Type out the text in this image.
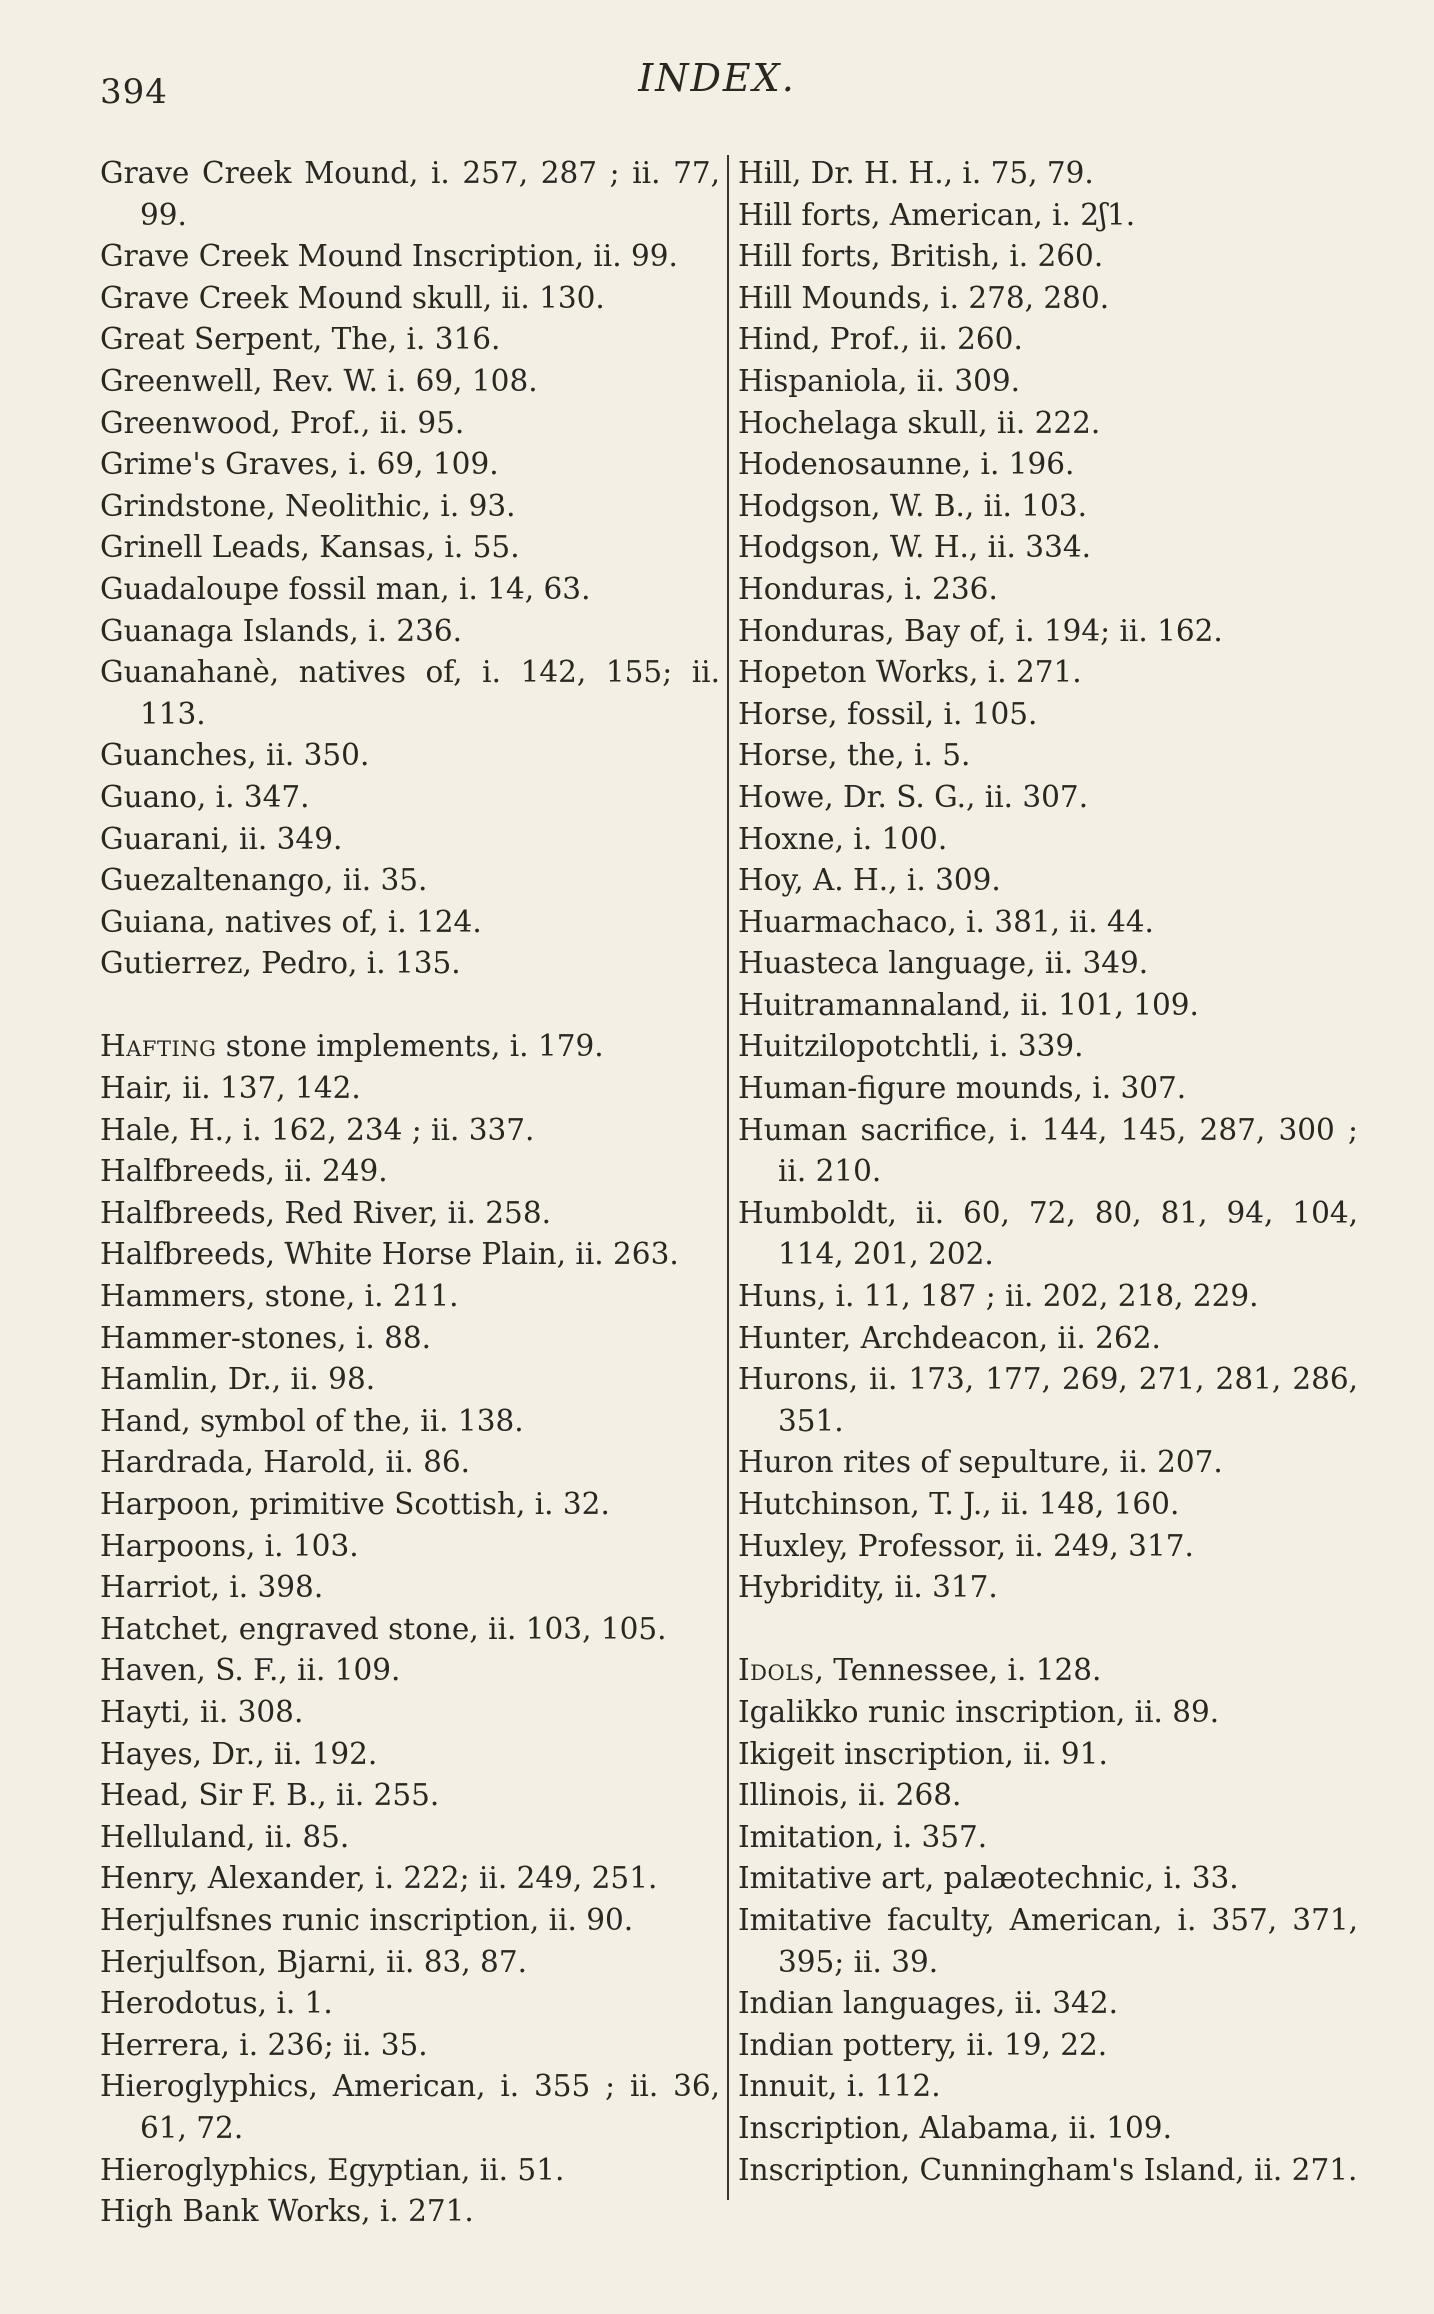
394	INDEX.
Grave Creek Mound, i. 257, 287 ; ii. 77, 99.
Grave Creek Mound Inscription, ii. 99.
Grave Creek Mound skull, ii. 130.
Great Serpent, The, i. 316.
Greenwell, Rev. W. i. 69, 108.
Greenwood, Prof., ii. 95.
Grime's Graves, i. 69, 109.
Grindstone, Neolithic, i. 93.
Grinell Leads, Kansas, i. 55.
Guadaloupe fossil man, i. 14, 63.
Guanaga Islands, i. 236.
Guanahanè, natives of, i. 142, 155; ii. 113.
Guanches, ii. 350.
Guano, i. 347.
Guarani, ii. 349.
Guezaltenango, ii. 35.
Guiana, natives of, i. 124.
Gutierrez, Pedro, i. 135.
Hafting stone implements, i. 179.
Hair, ii. 137, 142.
Hale, H., i. 162, 234 ; ii. 337.
Halfbreeds, ii. 249.
Halfbreeds, Red River, ii. 258.
Halfbreeds, White Horse Plain, ii. 263.
Hammers, stone, i. 211.
Hammer-stones, i. 88.
Hamlin, Dr., ii. 98.
Hand, symbol of the, ii. 138.
Hardrada, Harold, ii. 86.
Harpoon, primitive Scottish, i. 32.
Harpoons, i. 103.
Harriot, i. 398.
Hatchet, engraved stone, ii. 103, 105.
Haven, S. F., ii. 109.
Hayti, ii. 308.
Hayes, Dr., ii. 192.
Head, Sir F. B., ii. 255.
Helluland, ii. 85.
Henry, Alexander, i. 222; ii. 249, 251.
Herjulfsnes runic inscription, ii. 90.
Herjulfson, Bjarni, ii. 83, 87.
Herodotus, i. 1.
Herrera, i. 236; ii. 35.
Hieroglyphics, American, i. 355 ; ii. 36, 61, 72.
Hieroglyphics, Egyptian, ii. 51.
High Bank Works, i. 271.
Hill, Dr. H. H., i. 75, 79.
Hill forts, American, i. 2ʃ1.
Hill forts, British, i. 260.
Hill Mounds, i. 278, 280.
Hind, Prof., ii. 260.
Hispaniola, ii. 309.
Hochelaga skull, ii. 222.
Hodenosaunne, i. 196.
Hodgson, W. B., ii. 103.
Hodgson, W. H., ii. 334.
Honduras, i. 236.
Honduras, Bay of, i. 194; ii. 162.
Hopeton Works, i. 271.
Horse, fossil, i. 105.
Horse, the, i. 5.
Howe, Dr. S. G., ii. 307.
Hoxne, i. 100.
Hoy, A. H., i. 309.
Huarmachaco, i. 381, ii. 44.
Huasteca language, ii. 349.
Huitramannaland, ii. 101, 109.
Huitzilopotchtli, i. 339.
Human-figure mounds, i. 307.
Human sacrifice, i. 144, 145, 287, 300 ; ii. 210.
Humboldt, ii. 60, 72, 80, 81, 94, 104, 114, 201, 202.
Huns, i. 11, 187 ; ii. 202, 218, 229.
Hunter, Archdeacon, ii. 262.
Hurons, ii. 173, 177, 269, 271, 281, 286, 351.
Huron rites of sepulture, ii. 207.
Hutchinson, T. J., ii. 148, 160.
Huxley, Professor, ii. 249, 317.
Hybridity, ii. 317.
Idols, Tennessee, i. 128.
Igalikko runic inscription, ii. 89.
Ikigeit inscription, ii. 91.
Illinois, ii. 268.
Imitation, i. 357.
Imitative art, palæotechnic, i. 33.
Imitative faculty, American, i. 357, 371, 395; ii. 39.
Indian languages, ii. 342.
Indian pottery, ii. 19, 22.
Innuit, i. 112.
Inscription, Alabama, ii. 109.
Inscription, Cunningham's Island, ii. 271.
